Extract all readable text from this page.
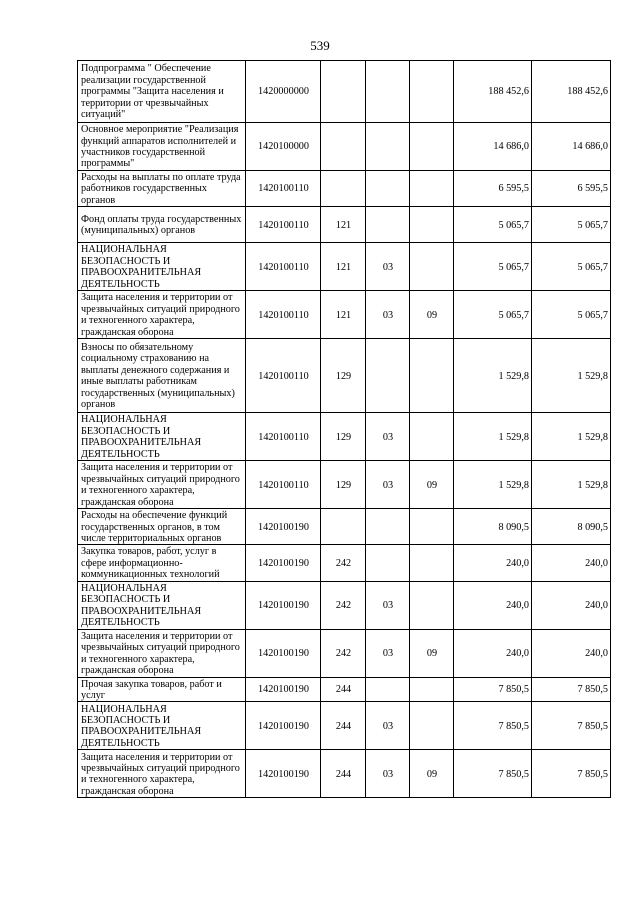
539
Подпрограмма " Обеспечение реализации государственной программы "Защита населения и территории от чрезвычайных ситуаций"	1420000000				188 452,6	188 452,6
Основное мероприятие "Реализация функций аппаратов исполнителей и участников государственной программы"	1420100000				14 686,0	14 686,0
Расходы на выплаты по оплате труда работников государственных органов	1420100110				6 595,5	6 595,5
Фонд оплаты труда государственных (муниципальных) органов	1420100110	121			5 065,7	5 065,7
НАЦИОНАЛЬНАЯ БЕЗОПАСНОСТЬ И ПРАВООХРАНИТЕЛЬНАЯ ДЕЯТЕЛЬНОСТЬ	1420100110	121	03		5 065,7	5 065,7
Защита населения и территории от чрезвычайных ситуаций природного и техногенного характера, гражданская оборона	1420100110	121	03	09	5 065,7	5 065,7
Взносы по обязательному социальному страхованию на выплаты денежного содержания и иные выплаты работникам государственных (муниципальных) органов	1420100110	129			1 529,8	1 529,8
НАЦИОНАЛЬНАЯ БЕЗОПАСНОСТЬ И ПРАВООХРАНИТЕЛЬНАЯ ДЕЯТЕЛЬНОСТЬ	1420100110	129	03		1 529,8	1 529,8
Защита населения и территории от чрезвычайных ситуаций природного и техногенного характера, гражданская оборона	1420100110	129	03	09	1 529,8	1 529,8
Расходы на обеспечение функций государственных органов, в том числе территориальных органов	1420100190				8 090,5	8 090,5
Закупка товаров, работ, услуг в сфере информационно-коммуникационных технологий	1420100190	242			240,0	240,0
НАЦИОНАЛЬНАЯ БЕЗОПАСНОСТЬ И ПРАВООХРАНИТЕЛЬНАЯ ДЕЯТЕЛЬНОСТЬ	1420100190	242	03		240,0	240,0
Защита населения и территории от чрезвычайных ситуаций природного и техногенного характера, гражданская оборона	1420100190	242	03	09	240,0	240,0
Прочая закупка товаров, работ и услуг	1420100190	244			7 850,5	7 850,5
НАЦИОНАЛЬНАЯ БЕЗОПАСНОСТЬ И ПРАВООХРАНИТЕЛЬНАЯ ДЕЯТЕЛЬНОСТЬ	1420100190	244	03		7 850,5	7 850,5
Защита населения и территории от чрезвычайных ситуаций природного и техногенного характера, гражданская оборона	1420100190	244	03	09	7 850,5	7 850,5
